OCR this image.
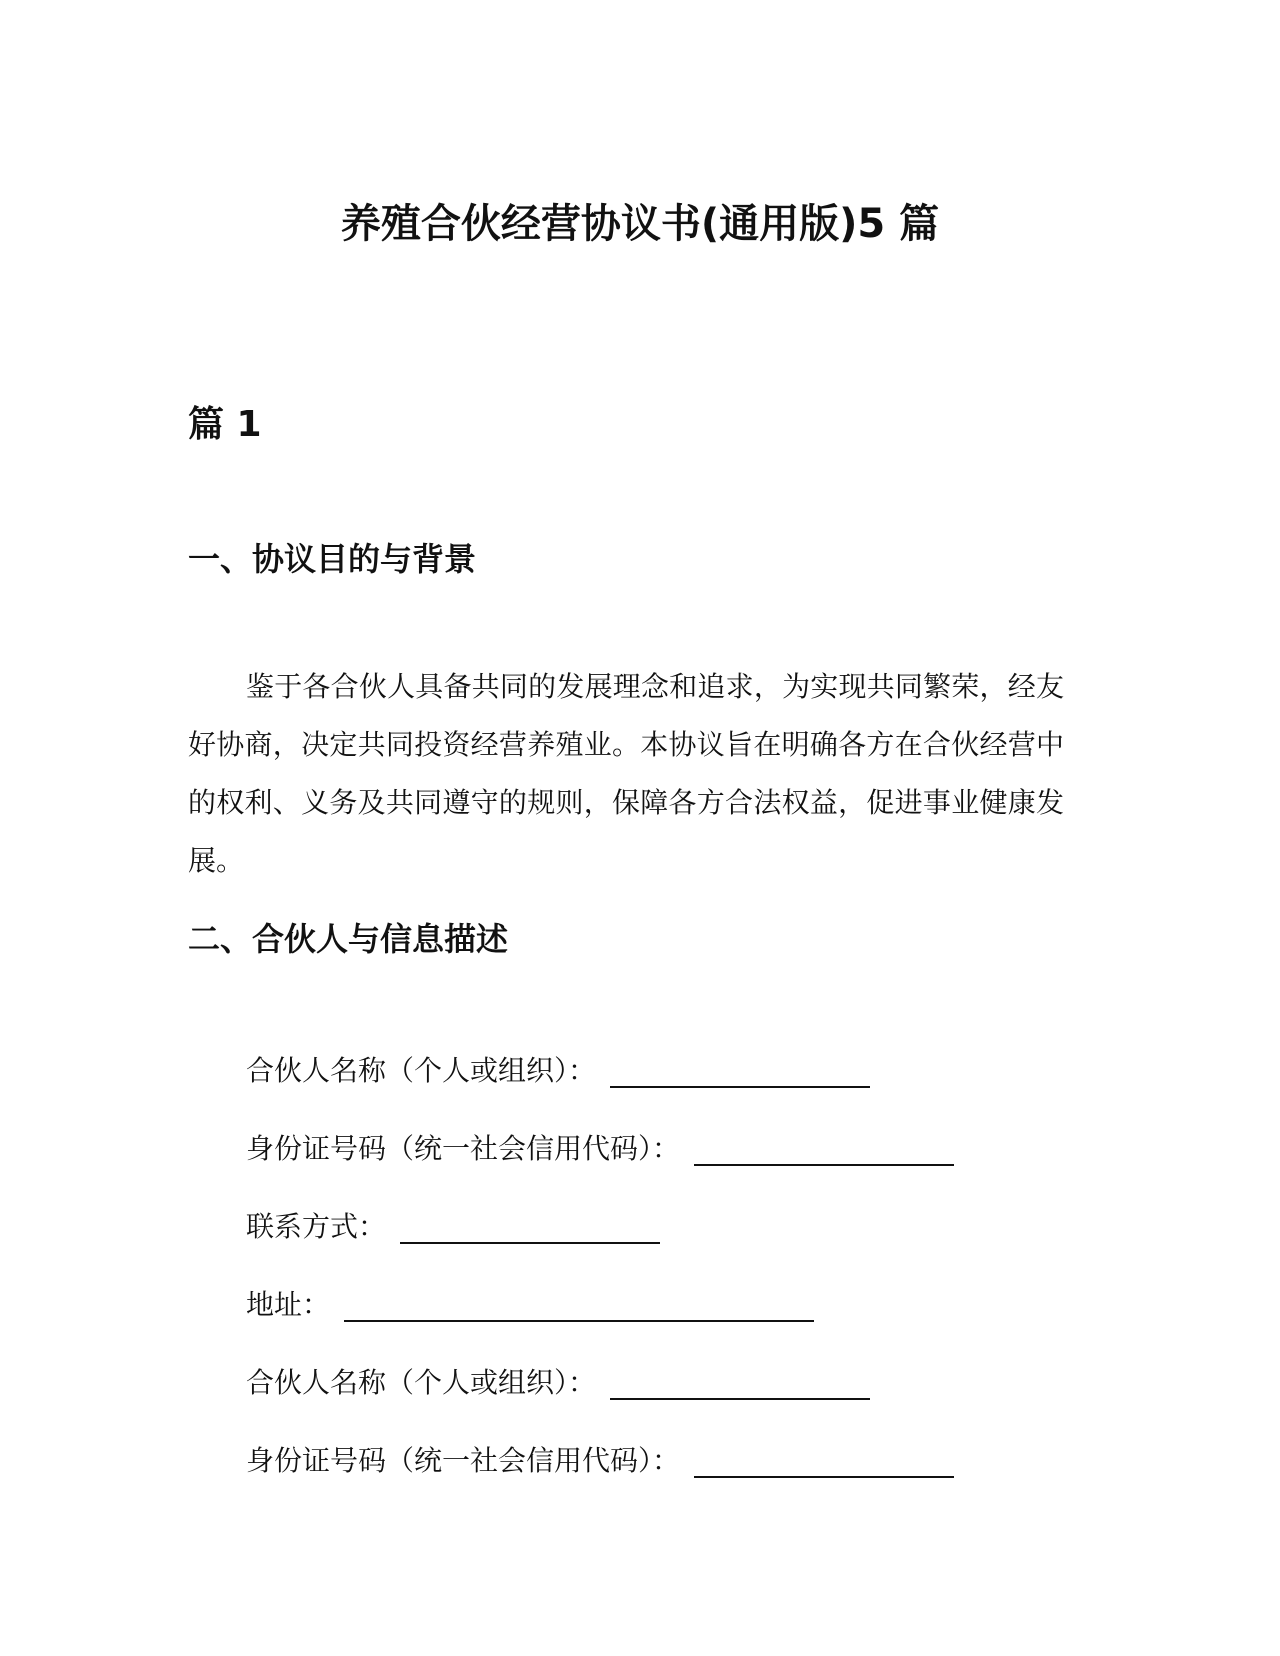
养殖合伙经营协议书(通用版)5 篇
篇 1
一、协议目的与背景

鉴于各合伙人具备共同的发展理念和追求，为实现共同繁荣，经友好协商，决定共同投资经营养殖业。本协议旨在明确各方在合伙经营中的权利、义务及共同遵守的规则，保障各方合法权益，促进事业健康发展。

二、合伙人与信息描述
合伙人名称（个人或组织）：
身份证号码（统一社会信用代码）：
联系方式：
地址：
合伙人名称（个人或组织）：
身份证号码（统一社会信用代码）：
